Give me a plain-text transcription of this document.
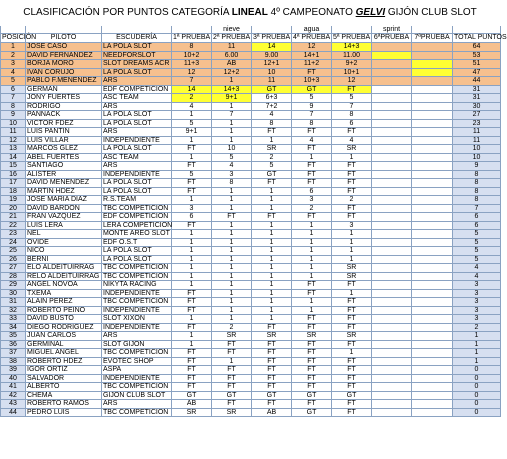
CLASIFICACIÓN POR PUNTOS CATEGORÍA LINEAL 4º CAMPEONATO GELVI GIJÓN CLUB SLOT
				nieve		agua		sprint		
POSICIÓN	PILOTO	ESCUDERÍA	1ª PRUEBA	2ª PRUEBA	3ª PRUEBA	4ª PRUEBA	5ª PRUEBA	6ªPRUEBA	7ªPRUEBA	TOTAL PUNTOS
1	JOSE CASO	LA POLA SLOT	8	11	14	12	14+3			64
2	DAVID FERNANDEZ	NEEDFORSLOT	10+2	6.00	9.00	14+1	11.00			53
3	BORJA MORO	SLOT DREAMS ACR	11+3	AB	12+1	11+2	9+2			51
4	IVAN CORUJO	LA POLA SLOT	12	12+2	10	FT	10+1			47
5	PABLO F.MENENDEZ	ARS	7	1	11	10+3	12			44
6	GERMAN	EDF COMPETICION	14	14+3	GT	GT	FT			31
7	JONY FUERTES	ASC TEAM	2	9+1	6+3	5	5			31
8	RODRIGO	ARS	4	1	7+2	9	7			30
9	PANNACK	LA POLA SLOT	1	7	4	7	8			27
10	VICTOR FDEZ	LA POLA SLOT	5	1	8	8	6			23
11	LUIS PANTIN	ARS	9+1	1	FT	FT	FT			11
12	LUIS VILLAR	INDEPENDIENTE	1	1	1	4	4			11
13	MARCOS GLEZ	LA POLA SLOT	FT	10	SR	FT	SR			10
14	ABEL FUERTES	ASC TEAM	1	5	2	1	1			10
15	SANTIAGO	ARS	FT	4	5	FT	FT			9
16	ALISTER	INDEPENDIENTE	5	3	GT	FT	FT			8
17	DAVID MENENDEZ	LA POLA SLOT	FT	8	FT	FT	FT			8
18	MARTIN HDEZ	LA POLA SLOT	FT	1	1	6	FT			8
19	JOSE MARIA DIAZ	R.S.TEAM	1	1	1	3	2			8
20	DAVID BARDON	TBC COMPETICION	3	1	1	2	FT			7
21	FRAN VAZQUEZ	EDF COMPETICION	6	FT	FT	FT	FT			6
22	LUIS LERA	LERA COMPETICION	FT	1	1	1	3			6
23	NEL	MONTE AREO SLOT	1	1	1	1	1			5
24	OVIDE	EDF O.S.T	1	1	1	1	1			5
25	NICO	LA POLA SLOT	1	1	1	1	1			5
26	BERNI	LA POLA SLOT	1	1	1	1	1			5
27	ELO ALDEITUIRRAG	TBC COMPETICION	1	1	1	1	SR			4
28	RELO ALDEITUIRRAG	TBC COMPETICION	1	1	1	1	SR			4
29	ANGEL NOVOA	NIKYTA RACING	1	1	1	FT	FT			3
30	TXEMA	INDEPENDIENTE	FT	1	1	FT	1			3
31	ALAIN PEREZ	TBC COMPETICION	FT	1	1	1	FT			3
32	ROBERTO PEINO	INDEPENDIENTE	FT	1	1	1	FT			3
33	DAVID BUSTO	SLOT XIXON	1	1	1	FT	FT			3
34	DIEGO RODRIGUEZ	INDEPENDIENTE	FT	2	FT	FT	FT			2
35	JUAN CARLOS	ARS	1	SR	SR	SR	SR			1
36	GERMINAL	SLOT GIJON	1	FT	FT	FT	FT			1
37	MIGUEL ANGEL	TBC COMPETICION	FT	FT	FT	FT	1			1
38	ROBERTO HDEZ	EVOTEC SHOP	FT	1	FT	FT	FT			1
39	IGOR ORTIZ	ASPA	FT	FT	FT	FT	FT			0
40	SALVADOR	INDEPENDIENTE	FT	FT	FT	FT	FT			0
41	ALBERTO	TBC COMPETICION	FT	FT	FT	FT	FT			0
42	CHEMA	GIJON CLUB SLOT	GT	GT	GT	GT	GT			0
43	ROBERTO RAMOS	ARS	AB	FT	FT	FT	FT			0
44	PEDRO LUIS	TBC COMPETICION	SR	SR	AB	GT	FT			0
